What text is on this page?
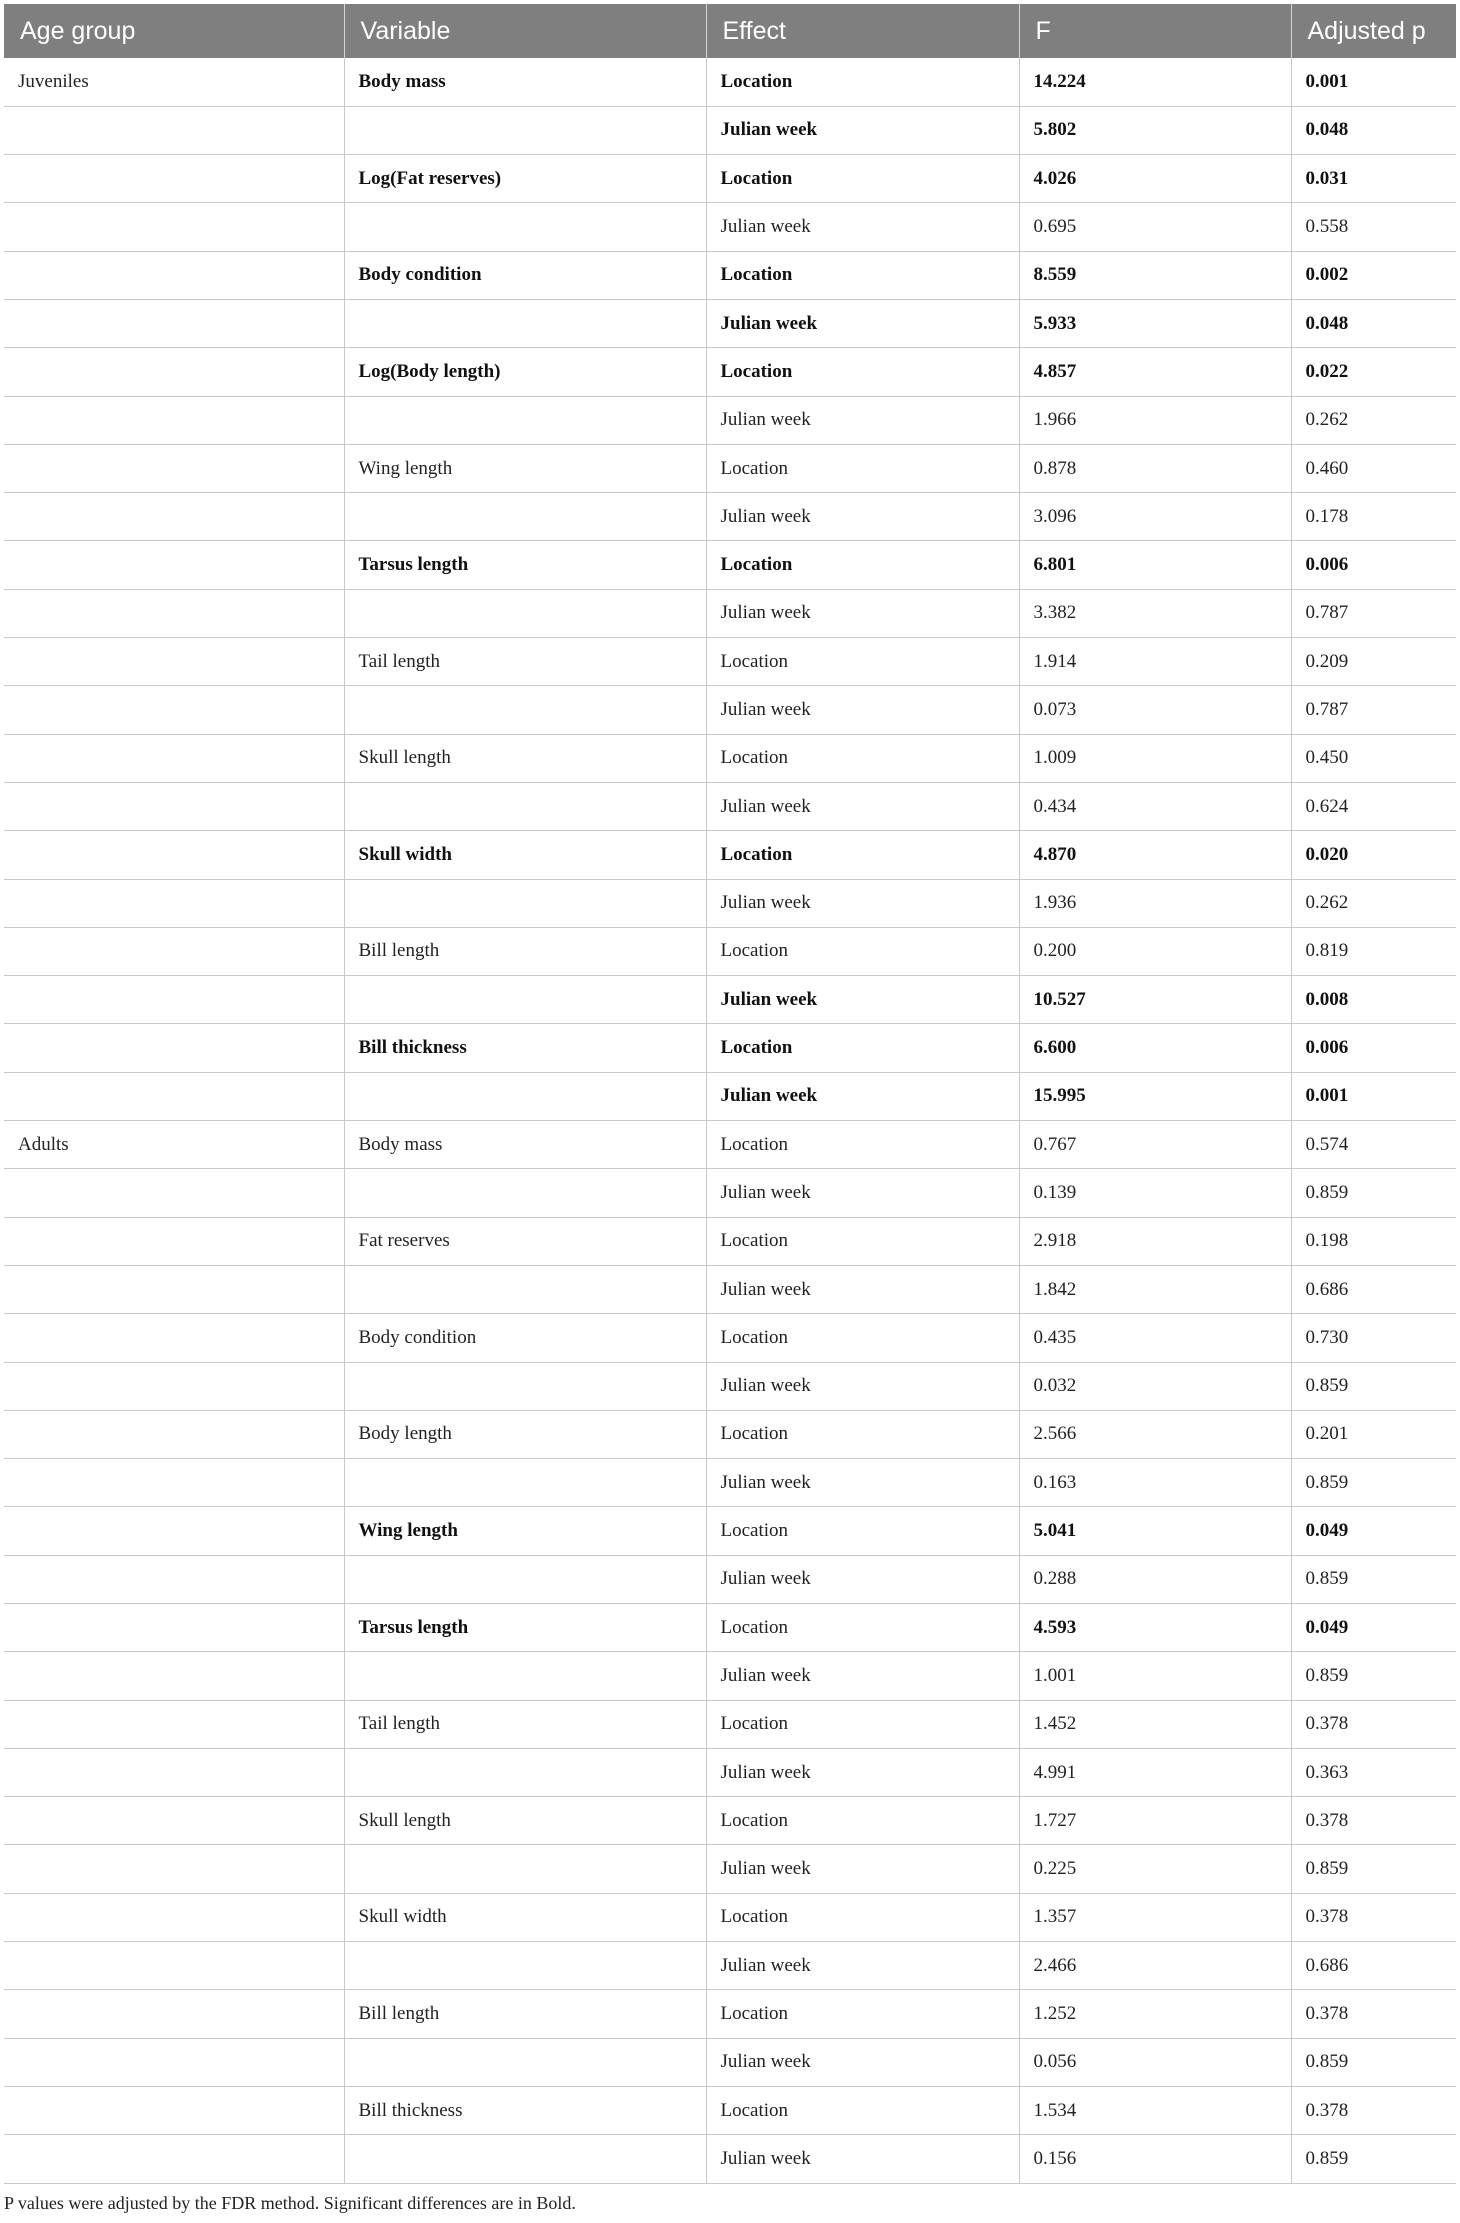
Age group	Variable	Effect	F	Adjusted p
Juveniles	Body mass	Location	14.224	0.001
		Julian week	5.802	0.048
	Log(Fat reserves)	Location	4.026	0.031
		Julian week	0.695	0.558
	Body condition	Location	8.559	0.002
		Julian week	5.933	0.048
	Log(Body length)	Location	4.857	0.022
		Julian week	1.966	0.262
	Wing length	Location	0.878	0.460
		Julian week	3.096	0.178
	Tarsus length	Location	6.801	0.006
		Julian week	3.382	0.787
	Tail length	Location	1.914	0.209
		Julian week	0.073	0.787
	Skull length	Location	1.009	0.450
		Julian week	0.434	0.624
	Skull width	Location	4.870	0.020
		Julian week	1.936	0.262
	Bill length	Location	0.200	0.819
		Julian week	10.527	0.008
	Bill thickness	Location	6.600	0.006
		Julian week	15.995	0.001
Adults	Body mass	Location	0.767	0.574
		Julian week	0.139	0.859
	Fat reserves	Location	2.918	0.198
		Julian week	1.842	0.686
	Body condition	Location	0.435	0.730
		Julian week	0.032	0.859
	Body length	Location	2.566	0.201
		Julian week	0.163	0.859
	Wing length	Location	5.041	0.049
		Julian week	0.288	0.859
	Tarsus length	Location	4.593	0.049
		Julian week	1.001	0.859
	Tail length	Location	1.452	0.378
		Julian week	4.991	0.363
	Skull length	Location	1.727	0.378
		Julian week	0.225	0.859
	Skull width	Location	1.357	0.378
		Julian week	2.466	0.686
	Bill length	Location	1.252	0.378
		Julian week	0.056	0.859
	Bill thickness	Location	1.534	0.378
		Julian week	0.156	0.859
P values were adjusted by the FDR method. Significant differences are in Bold.
